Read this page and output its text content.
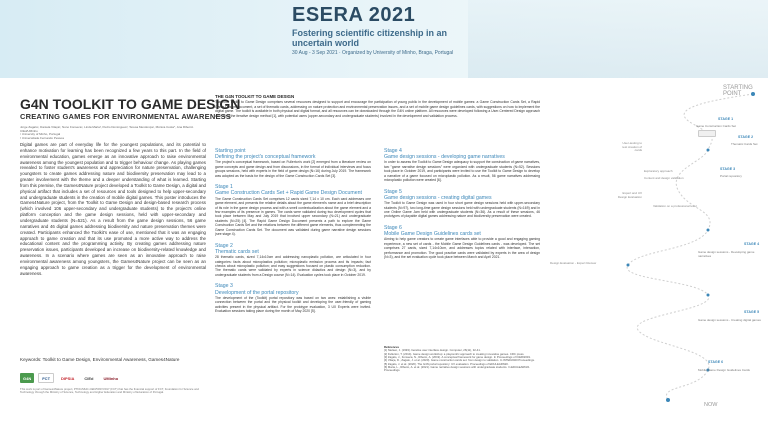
ESERA 2021
Fostering scientific citizenship in an uncertain world
30 Aug - 3 Sep 2021 · Organized by University of Minho, Braga, Portugal
G4N TOOLKIT TO GAME DESIGN
CREATING GAMES FOR ENVIRONMENTAL AWARENESS
Jorge Zagalo¹, Daniela Vilaça², Nuno Fonseca¹, Linda Maria³, Pedro Domingues³, Teresa Mendonça¹, Mónica Costa⁴, Ana Ribeiro¹
CIEd/UMinho
¹ University of Minho, Portugal
² Universidade Fernando Pessoa
Digital games are part of everyday life for the youngest populations, and its potential to enhance motivation for learning has been recognized a few years to this part. In the field of environmental education, games emerge as an innovative approach to raise environmental awareness among the youngest population and to trigger behaviour change. As playing games revealed to foster student's awareness and appreciation for nature preservation, challenging youngsters to create games addressing nature and biodiversity preservation may lead to a greater involvement with the theme and a deeper understanding of what is learned. Starting from this premise, the Games4Nature project developed a Toolkit to Game Design, a digital and physical artifact that includes a set of resources and tools designed to help upper-secondary and undergraduate students in the creation of mobile digital games. This poster introduces the Games4Nature project, from the Toolkit to Game Design and design-based research process (which involved 106 upper-secondary and undergraduate students) to the project's online platform conception and the game design sessions, held with upper-secondary and undergraduate students (N=521). As a result from the game design sessions, 56 game narratives and 46 digital games addressing biodiversity and nature preservation themes were created. Participants enhanced the Toolkit's ease of use, mentioned that it was an engaging approach to game creation and that its use promoted a more active way to address the educational content and the programming activity. By creating games addressing nature preservation issues, participants developed an increase on biodiversity-related knowledge and awareness. In a scenario where games are seen as an innovative approach to raise environmental awareness among youngsters, the Games4Nature project can be seen as an engaging approach to game creation as a trigger for the development of environmental awareness.
Keywords: Toolkit to Game Design, Environmental Awareness, Games4Nature
G4N	FCT	DIPSIA	CIEd	UMinho
This work is part of Games4Nature project, PTDC/MHC-CED/5037/2017 (FCT) that has the financial support of FCT, Foundation for Science and Technology through the Ministry of Science, Technology and Higher Education and Ministry of Education of Portugal.
THE G4N TOOLKIT TO GAME DESIGN
The G4N Toolkit to Game Design comprises several resources designed to support and encourage the participation of young public in the development of mobile games: a Game Construction Cards Set, a Rapid Game Design Document, a set of thematic cards, addressing on nature protection and environmental preservation issues, and a set of mobile game design guidelines cards, with suggestions on how to implement the digital game. The toolkit is available in both physical and digital format, and all resources can be downloaded through the G4N online platform. All resources were developed following a User-Centered Design approach and using the iterative design method [1], with potential users (upper-secondary and undergraduate students) involved in the development and validation process.
Starting point
Defining the project's conceptual framework
The project's conceptual framework, based on Fullerton's work [2] emerged from a literature review on game concepts and game design and from discussions, in the format of individual interviews and focus groups sessions, held with experts in the field of game design (N=16) during July 2019. The framework was adopted as the basis for the design of the Game Construction Cards Set [3].
Stage 1
Game Construction Cards Set + Rapid Game Design Document
The Game Construction Cards Set comprises 12 cards sized 7,14 x 10 cm. Each card addresses one game element, and presents the relative details about the game element's name and a brief description of its role in the game design process and with a smell contextualization about the game element and a few examples of its presence in games. The cards were validated during two development cycles that took place between May and July 2019 that involved upper secondary (N=21) and undergraduate students (N=25) [4]. The Rapid Game Design Document presents a path to explore the Game Construction Cards Set and the relations between the different game elements, thus complementing the Game Construction Cards Set. The document was validated during game narrative design sessions (see stage 4).
Stage 2
Thematic cards set
28 thematic cards, sized 7,14x10cm and addressing nanoplastic pollution, are articulated in four categories: facts about microplastics pollution; microplastic emission process and its impacts; fact checks about microplastic pollution; and easy suggestions focused on plastic consumption reduction. The thematic cards were validated by experts in science didactics and design (N=3), and by undergraduate students from a Design course (N=14). Evaluation cycles took place in October 2019.
Stage 3
Development of the portal repository
The development of the (Toolkit) portal repository was based on two axes: establishing a visible connection between the portal and the physical toolkit and developing the user-friendly of gaming activities present in the physical artifact. For the prototype evaluation, 3 UX Experts were invited. Evaluation sessions taking place during the month of May 2020 [5].
Stage 4
Game design sessions - developing game narratives
In order to assess the Toolkit to Game Design adequacy to support the construction of game narratives, two "game narrative design sessions" were organized with undergraduate students (N=52). Sessions took place in October 2019, and participants were invited to use the Toolkit to Game Design to develop a narrative of a game focused on microplastic pollution. As a result, 56 game narratives addressing microplastic pollution were created [6].
Stage 5
Game design sessions - creating digital games
The Toolkit to Game Design was used in four short game design sessions held with upper-secondary students (N=97), two long-time game design sessions held with undergraduate students (N=169) and in one Online Game Jam held with undergraduate students (N=36). As a result of these sessions, 46 prototypes of playable digital games addressing nature and biodiversity preservation were created.
Stage 6
Mobile Game Design Guidelines cards set
Aiming to help game creators to create game interfaces able to provide a good and engaging gaming experience, a new set of cards - the Mobile Game Design Guidelines cards - was developed. The set comprises 27 cards, sized 7,14x10cm, and addresses topics related with interface, interaction, performance and promotion. The good practice cards were validated by experts in the area of design (N=3), and the set evaluation cycle took place between March and April 2021.
References
[1] Nielsen, J. (1993). Iterative user interface design. Computer, 26(11), 32-41.
[2] Fullerton, T. (2014). Game design workshop: a playcentric approach to creating innovative games. CRC press.
[3] Zagalo, J., Fonseca, N., Ribeiro, A. (2019). A conceptual framework for game design. In Proceedings of ICERI2019.
[4] Vilaça, D., Zagalo, J. et al. (2020). Game construction cards set: from design to validation. In INTED2020 Proceedings.
[5] Zagalo, J. et al. (2020). The G4N portal repository: UX evaluation. Proceedings of EDULEARN20.
[6] Maria, L., Ribeiro, A. et al. (2021). Game narrative design sessions with undergraduate students. In EDULEARN21 Proceedings.
STARTING POINT
STAGE 1
Game Construction Cards Set
STAGE 2
Thematic Cards Set
User-testing to test creation of cards
Exploratory approach
Content and design validation
Expert and UX Design Evaluation
STAGE 3
Portal repository
Validation on a professional level
STAGE 4
Game design sessions - Developing game narratives
Design Evaluation - Expert Review
STAGE 5
Game design sessions - Creating digital games
STAGE 6
Mobile Game Design Guidelines Cards
NOW
